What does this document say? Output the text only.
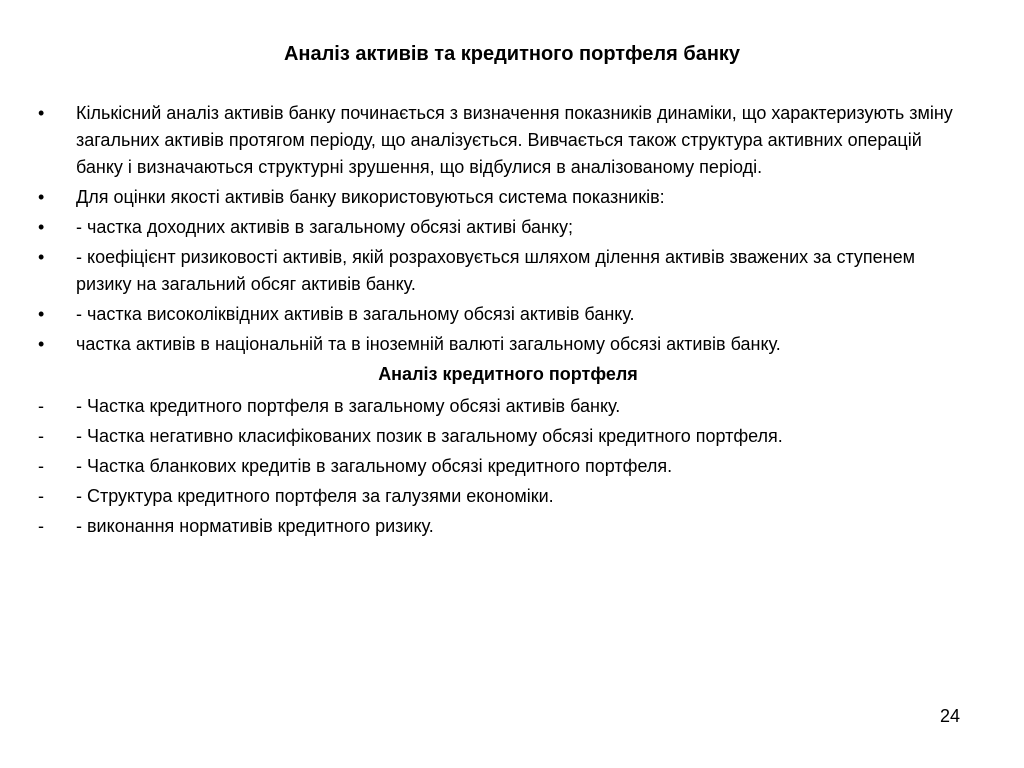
Аналіз активів та кредитного портфеля банку
•	Кількісний аналіз активів банку починається з визначення показників динаміки, що характеризують зміну загальних активів протягом періоду, що аналізується. Вивчається також структура активних операцій банку і визначаються структурні зрушення, що відбулися в аналізованому періоді.
•	Для оцінки якості активів банку використовуються система показників:
•	- частка доходних активів в загальному обсязі активі банку;
•	- коефіцієнт ризиковості активів, якій розраховується шляхом ділення активів зважених за ступенем ризику на загальний обсяг активів банку.
•	- частка високоліквідних активів в загальному обсязі активів банку.
•	частка активів в національній та в іноземній валюті загальному обсязі активів банку.
Аналіз кредитного портфеля
-	- Частка кредитного портфеля в загальному обсязі активів банку.
-	- Частка негативно класифікованих позик в загальному обсязі кредитного портфеля.
-	- Частка бланкових кредитів в загальному обсязі кредитного портфеля.
-	- Структура кредитного портфеля за галузями економіки.
-	- виконання нормативів кредитного ризику.
24
